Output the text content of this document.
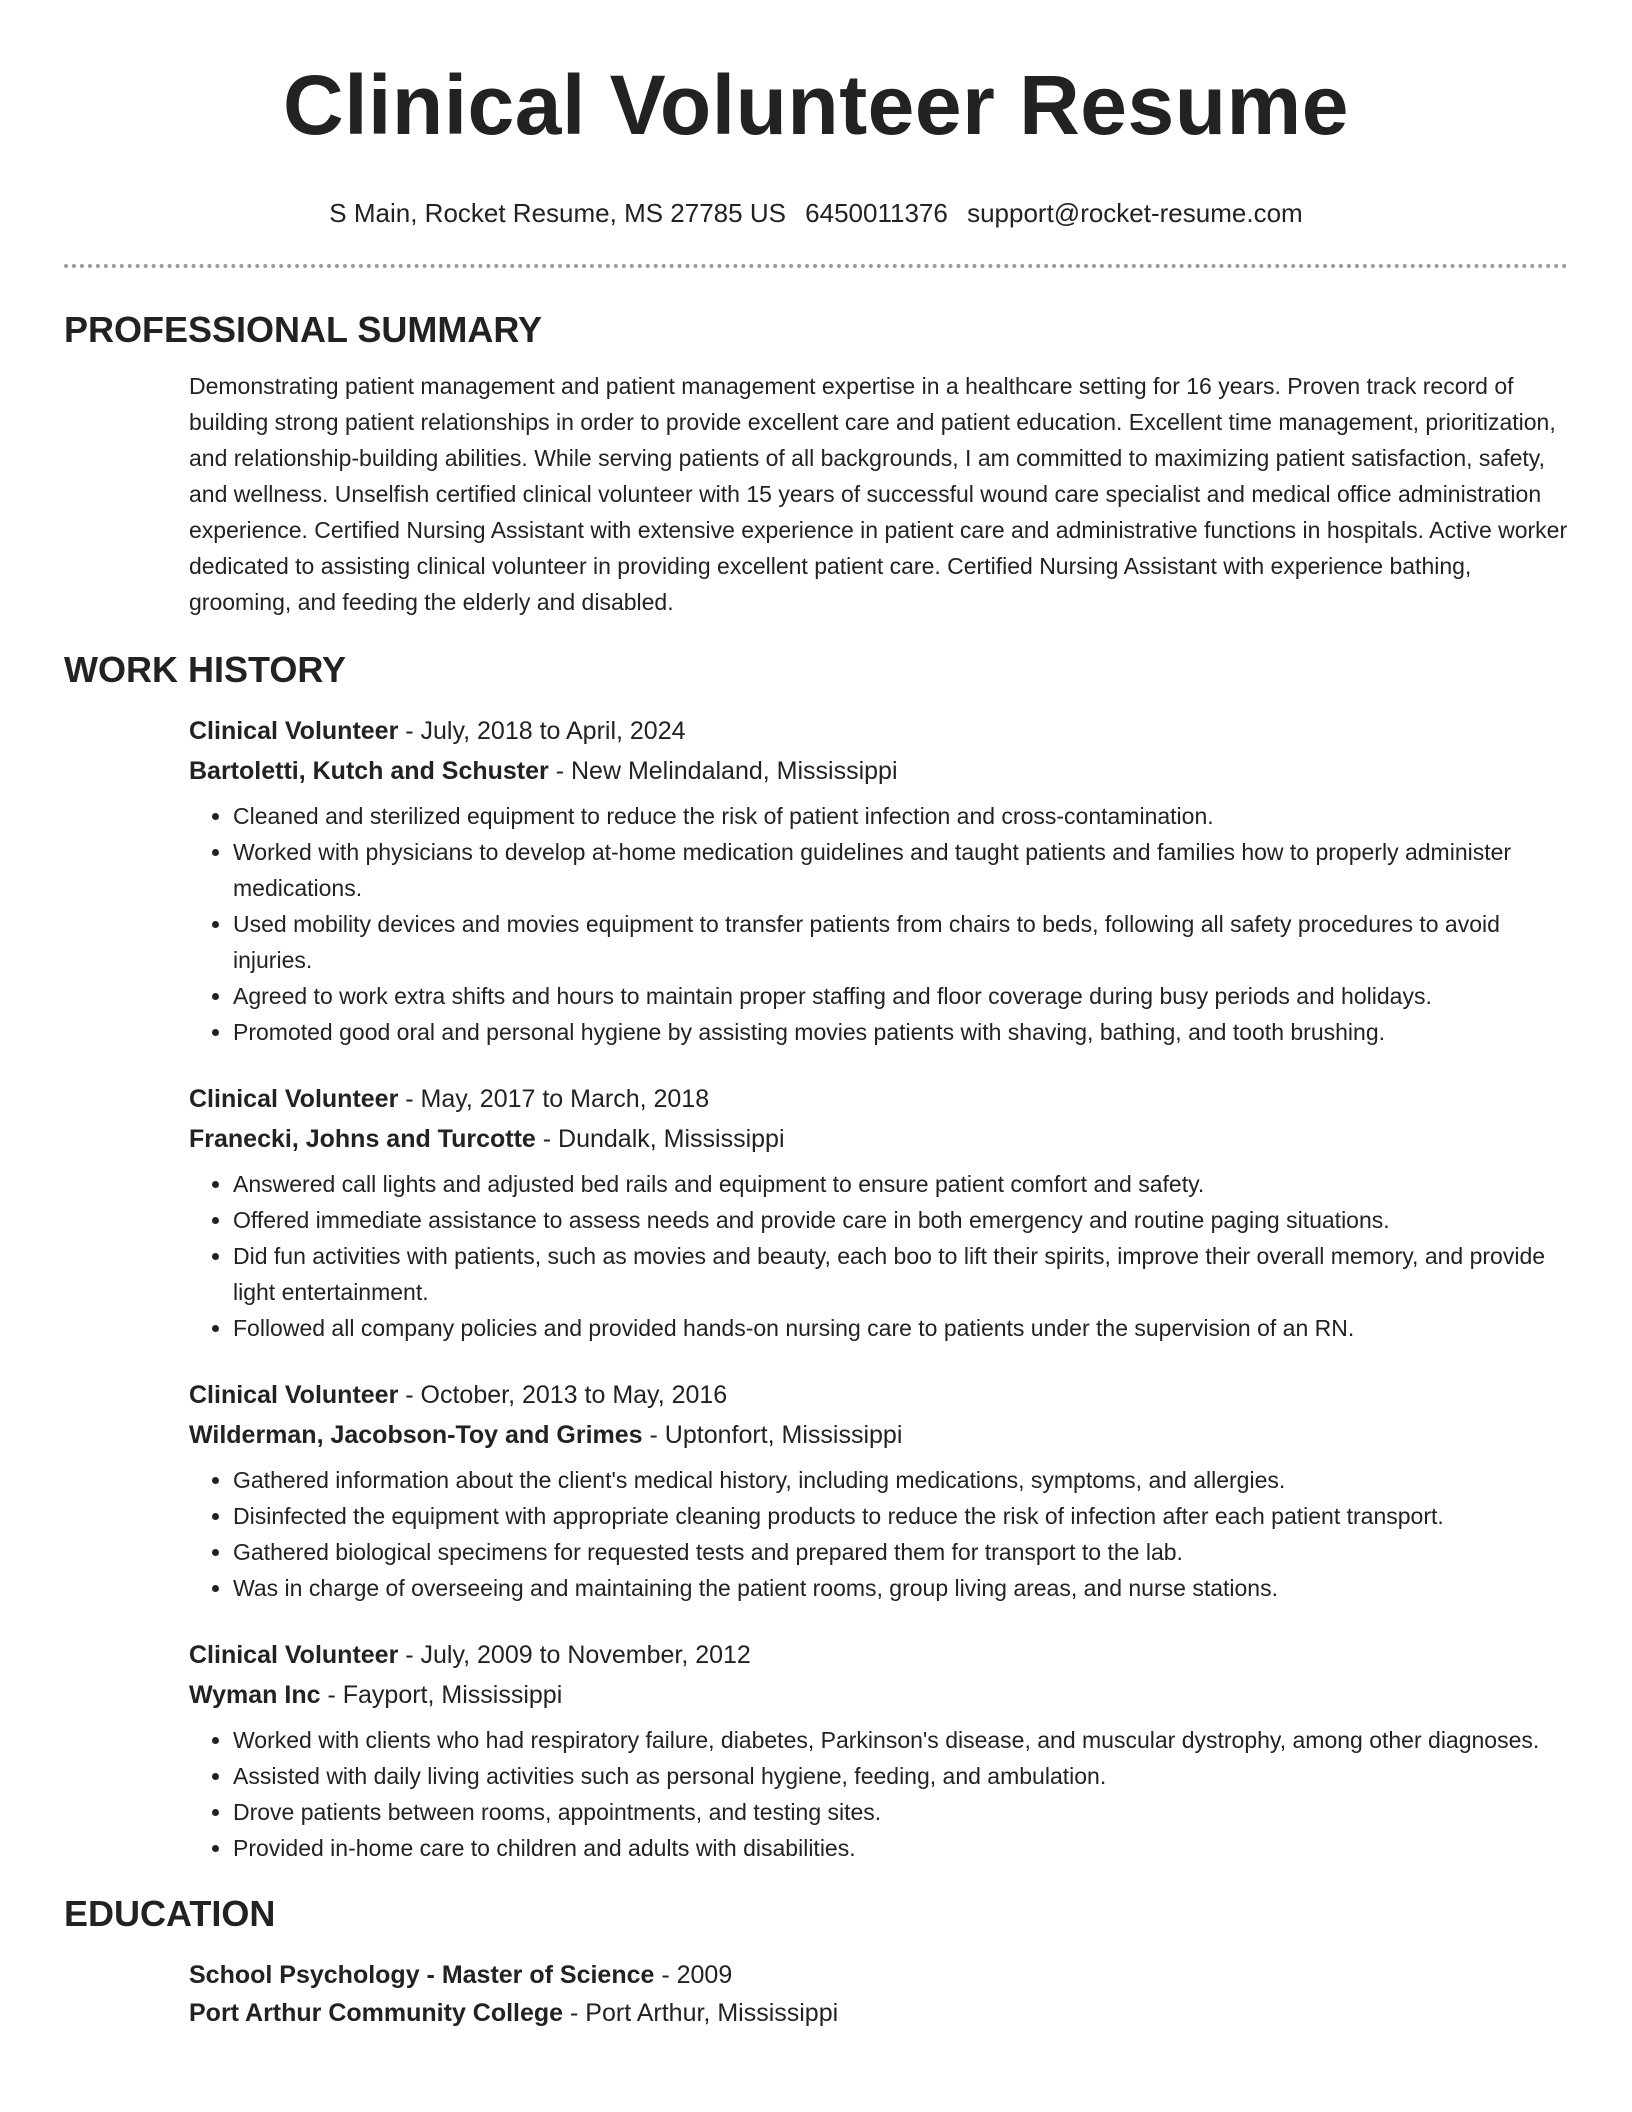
Clinical Volunteer Resume
S Main, Rocket Resume, MS 27785 US 6450011376 support@rocket-resume.com
PROFESSIONAL SUMMARY

Demonstrating patient management and patient management expertise in a healthcare setting for 16 years. Proven track record of building strong patient relationships in order to provide excellent care and patient education. Excellent time management, prioritization, and relationship-building abilities. While serving patients of all backgrounds, I am committed to maximizing patient satisfaction, safety, and wellness. Unselfish certified clinical volunteer with 15 years of successful wound care specialist and medical office administration experience. Certified Nursing Assistant with extensive experience in patient care and administrative functions in hospitals. Active worker dedicated to assisting clinical volunteer in providing excellent patient care. Certified Nursing Assistant with experience bathing, grooming, and feeding the elderly and disabled.

WORK HISTORY

Clinical Volunteer - July, 2018 to April, 2024

Bartoletti, Kutch and Schuster - New Melindaland, Mississippi

• Cleaned and sterilized equipment to reduce the risk of patient infection and cross-contamination.
• Worked with physicians to develop at-home medication guidelines and taught patients and families how to properly administer medications.
• Used mobility devices and movies equipment to transfer patients from chairs to beds, following all safety procedures to avoid injuries.
• Agreed to work extra shifts and hours to maintain proper staffing and floor coverage during busy periods and holidays.
• Promoted good oral and personal hygiene by assisting movies patients with shaving, bathing, and tooth brushing.

Clinical Volunteer - May, 2017 to March, 2018

Franecki, Johns and Turcotte - Dundalk, Mississippi

• Answered call lights and adjusted bed rails and equipment to ensure patient comfort and safety.
• Offered immediate assistance to assess needs and provide care in both emergency and routine paging situations.
• Did fun activities with patients, such as movies and beauty, each boo to lift their spirits, improve their overall memory, and provide light entertainment.
• Followed all company policies and provided hands-on nursing care to patients under the supervision of an RN.

Clinical Volunteer - October, 2013 to May, 2016

Wilderman, Jacobson-Toy and Grimes - Uptonfort, Mississippi

• Gathered information about the client's medical history, including medications, symptoms, and allergies.
• Disinfected the equipment with appropriate cleaning products to reduce the risk of infection after each patient transport.
• Gathered biological specimens for requested tests and prepared them for transport to the lab.
• Was in charge of overseeing and maintaining the patient rooms, group living areas, and nurse stations.

Clinical Volunteer - July, 2009 to November, 2012

Wyman Inc - Fayport, Mississippi

• Worked with clients who had respiratory failure, diabetes, Parkinson's disease, and muscular dystrophy, among other diagnoses.
• Assisted with daily living activities such as personal hygiene, feeding, and ambulation.
• Drove patients between rooms, appointments, and testing sites.
• Provided in-home care to children and adults with disabilities.
EDUCATION

School Psychology - Master of Science - 2009

Port Arthur Community College - Port Arthur, Mississippi
